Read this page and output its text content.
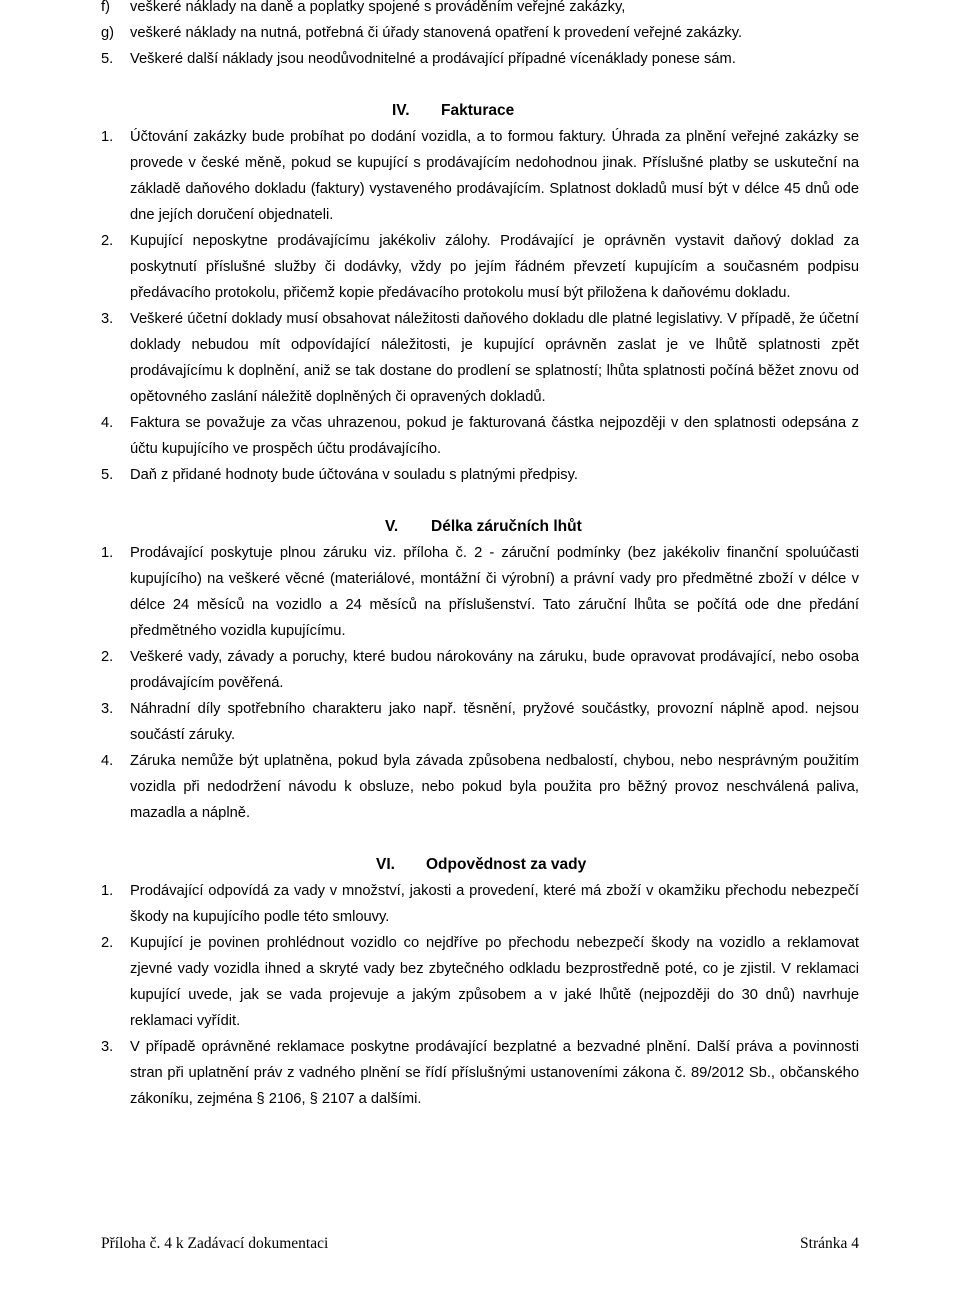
f)	veškeré náklady na daně a poplatky spojené s prováděním veřejné zakázky,
g)	veškeré náklady na nutná, potřebná či úřady stanovená opatření k provedení veřejné zakázky.
5.	Veškeré další náklady jsou neodůvodnitelné a prodávající případné vícenáklady ponese sám.
IV. Fakturace
1.	Účtování zakázky bude probíhat po dodání vozidla, a to formou faktury. Úhrada za plnění veřejné zakázky se provede v české měně, pokud se kupující s prodávajícím nedohodnou jinak. Příslušné platby se uskuteční na základě daňového dokladu (faktury) vystaveného prodávajícím. Splatnost dokladů musí být v délce 45 dnů ode dne jejích doručení objednateli.
2.	Kupující neposkytne prodávajícímu jakékoliv zálohy. Prodávající je oprávněn vystavit daňový doklad za poskytnutí příslušné služby či dodávky, vždy po jejím řádném převzetí kupujícím a současném podpisu předávacího protokolu, přičemž kopie předávacího protokolu musí být přiložena k daňovému dokladu.
3.	Veškeré účetní doklady musí obsahovat náležitosti daňového dokladu dle platné legislativy. V případě, že účetní doklady nebudou mít odpovídající náležitosti, je kupující oprávněn zaslat je ve lhůtě splatnosti zpět prodávajícímu k doplnění, aniž se tak dostane do prodlení se splatností; lhůta splatnosti počíná běžet znovu od opětovného zaslání náležitě doplněných či opravených dokladů.
4.	Faktura se považuje za včas uhrazenou, pokud je fakturovaná částka nejpozději v den splatnosti odepsána z účtu kupujícího ve prospěch účtu prodávajícího.
5.	Daň z přidané hodnoty bude účtována v souladu s platnými předpisy.
V. Délka záručních lhůt
1.	Prodávající poskytuje plnou záruku viz. příloha č. 2 - záruční podmínky (bez jakékoliv finanční spoluúčasti kupujícího) na veškeré věcné (materiálové, montážní či výrobní) a právní vady pro předmětné zboží v délce v délce 24 měsíců na vozidlo a 24 měsíců na příslušenství. Tato záruční lhůta se počítá ode dne předání předmětného vozidla kupujícímu.
2.	Veškeré vady, závady a poruchy, které budou nárokovány na záruku, bude opravovat prodávající, nebo osoba prodávajícím pověřená.
3.	Náhradní díly spotřebního charakteru jako např. těsnění, pryžové součástky, provozní náplně apod. nejsou součástí záruky.
4.	Záruka nemůže být uplatněna, pokud byla závada způsobena nedbalostí, chybou, nebo nesprávným použitím vozidla při nedodržení návodu k obsluze, nebo pokud byla použita pro běžný provoz neschválená paliva, mazadla a náplně.
VI. Odpovědnost za vady
1.	Prodávající odpovídá za vady v množství, jakosti a provedení, které má zboží v okamžiku přechodu nebezpečí škody na kupujícího podle této smlouvy.
2.	Kupující je povinen prohlédnout vozidlo co nejdříve po přechodu nebezpečí škody na vozidlo a reklamovat zjevné vady vozidla ihned a skryté vady bez zbytečného odkladu bezprostředně poté, co je zjistil. V reklamaci kupující uvede, jak se vada projevuje a jakým způsobem a v jaké lhůtě (nejpozději do 30 dnů) navrhuje reklamaci vyřídit.
3.	V případě oprávněné reklamace poskytne prodávající bezplatné a bezvadné plnění. Další práva a povinnosti stran při uplatnění práv z vadného plnění se řídí příslušnými ustanoveními zákona č. 89/2012 Sb., občanského zákoníku, zejména § 2106, § 2107 a dalšími.
Příloha č. 4 k Zadávací dokumentaci	Stránka 4
